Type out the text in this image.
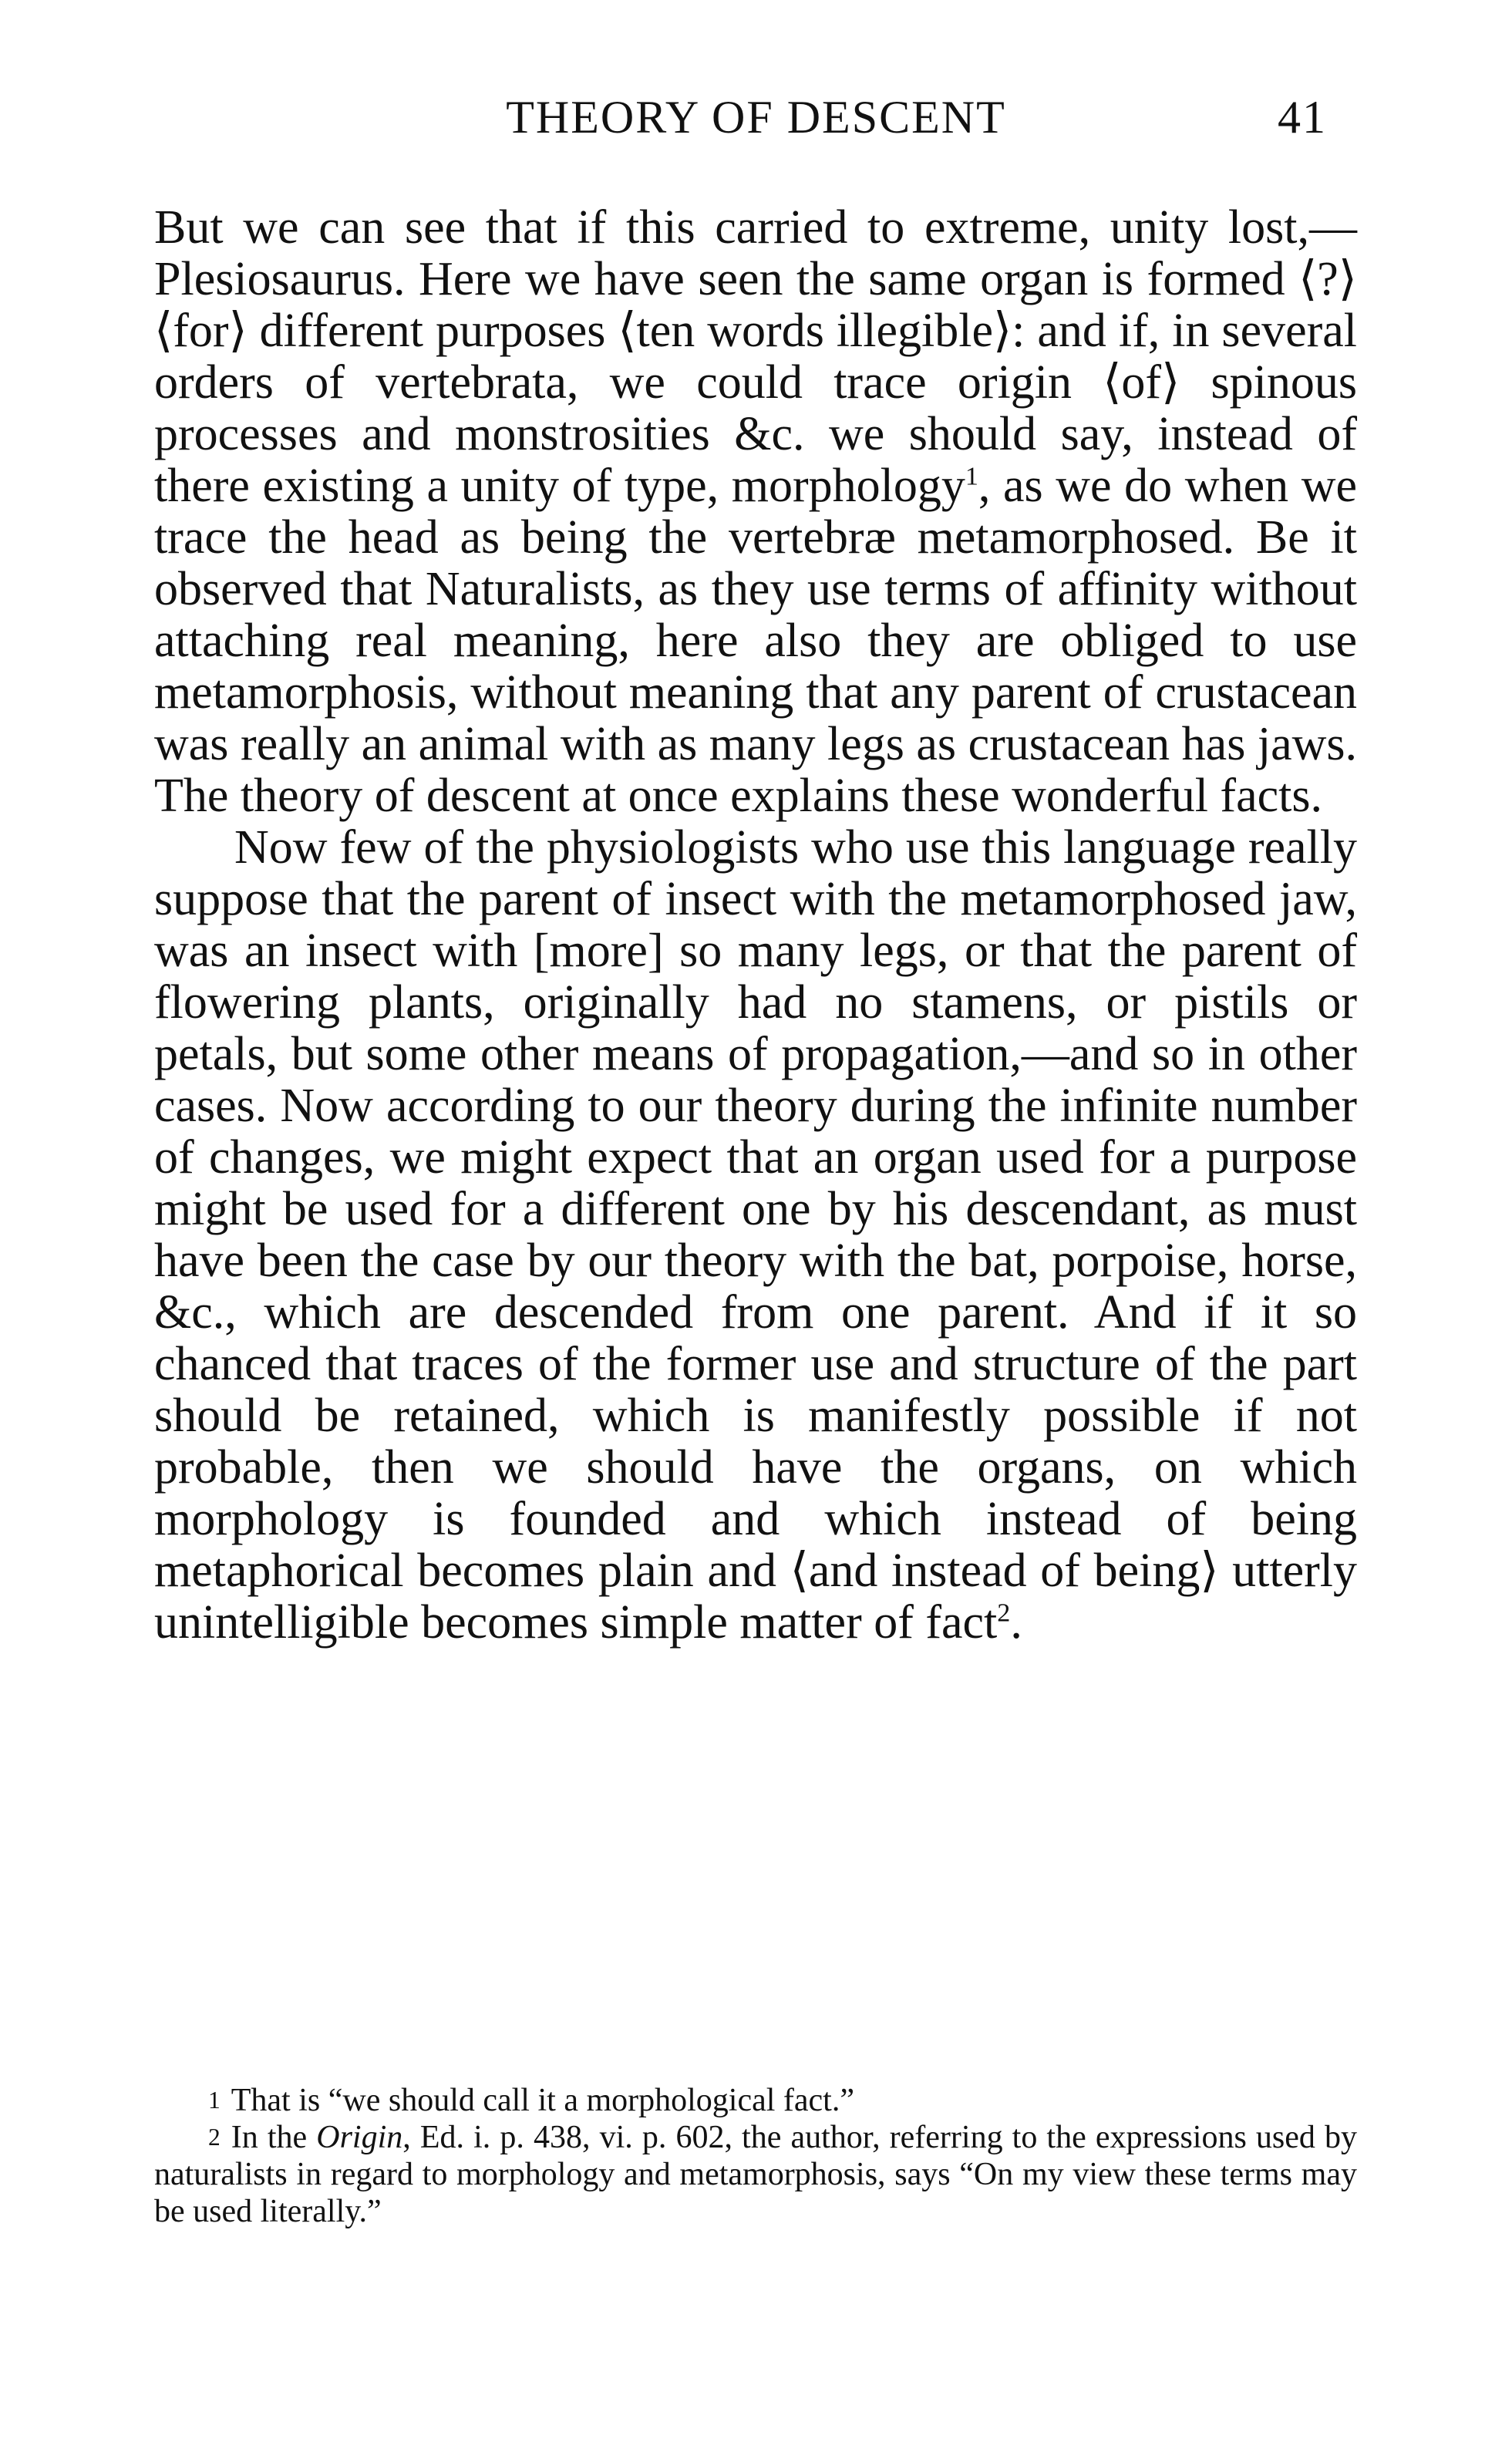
THEORY OF DESCENT	41

But we can see that if this carried to extreme, unity lost,—Plesiosaurus. Here we have seen the same organ is formed ⟨?⟩ ⟨for⟩ different purposes ⟨ten words illegible⟩: and if, in several orders of vertebrata, we could trace origin ⟨of⟩ spinous processes and monstrosities &c. we should say, instead of there existing a unity of type, morphology$^1$, as we do when we trace the head as being the vertebræ metamorphosed. Be it observed that Naturalists, as they use terms of affinity without attaching real meaning, here also they are obliged to use metamorphosis, without meaning that any parent of crustacean was really an animal with as many legs as crustacean has jaws. The theory of descent at once explains these wonderful facts.

Now few of the physiologists who use this language really suppose that the parent of insect with the metamorphosed jaw, was an insect with [more] so many legs, or that the parent of flowering plants, originally had no stamens, or pistils or petals, but some other means of propagation,—and so in other cases. Now according to our theory during the infinite number of changes, we might expect that an organ used for a purpose might be used for a different one by his descendant, as must have been the case by our theory with the bat, porpoise, horse, &c., which are descended from one parent. And if it so chanced that traces of the former use and structure of the part should be retained, which is manifestly possible if not probable, then we should have the organs, on which morphology is founded and which instead of being metaphorical becomes plain and ⟨and instead of being⟩ utterly unintelligible becomes simple matter of fact$^2$.

$^1$ That is “we should call it a morphological fact.”

$^2$ In the Origin, Ed. i. p. 438, vi. p. 602, the author, referring to the expressions used by naturalists in regard to morphology and metamorphosis, says “On my view these terms may be used literally.”
